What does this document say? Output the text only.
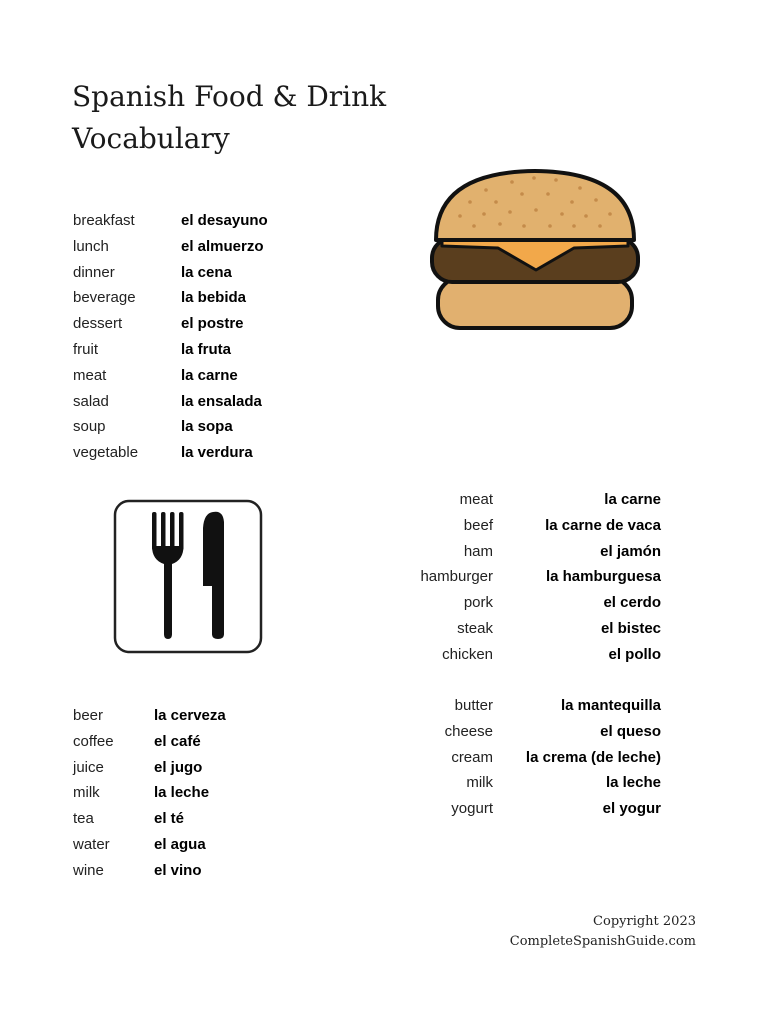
Spanish Food & Drink
Vocabulary
breakfast	el desayuno
lunch	el almuerzo
dinner	la cena
beverage	la bebida
dessert	el postre
fruit	la fruta
meat	la carne
salad	la ensalada
soup	la sopa
vegetable	la verdura
meat	la carne
beef	la carne de vaca
ham	el jamón
hamburger	la hamburguesa
pork	el cerdo
steak	el bistec
chicken	el pollo
butter	la mantequilla
cheese	el queso
cream	la crema (de leche)
milk	la leche
yogurt	el yogur
beer	la cerveza
coffee	el café
juice	el jugo
milk	la leche
tea	el té
water	el agua
wine	el vino
Copyright 2023
CompleteSpanishGuide.com
